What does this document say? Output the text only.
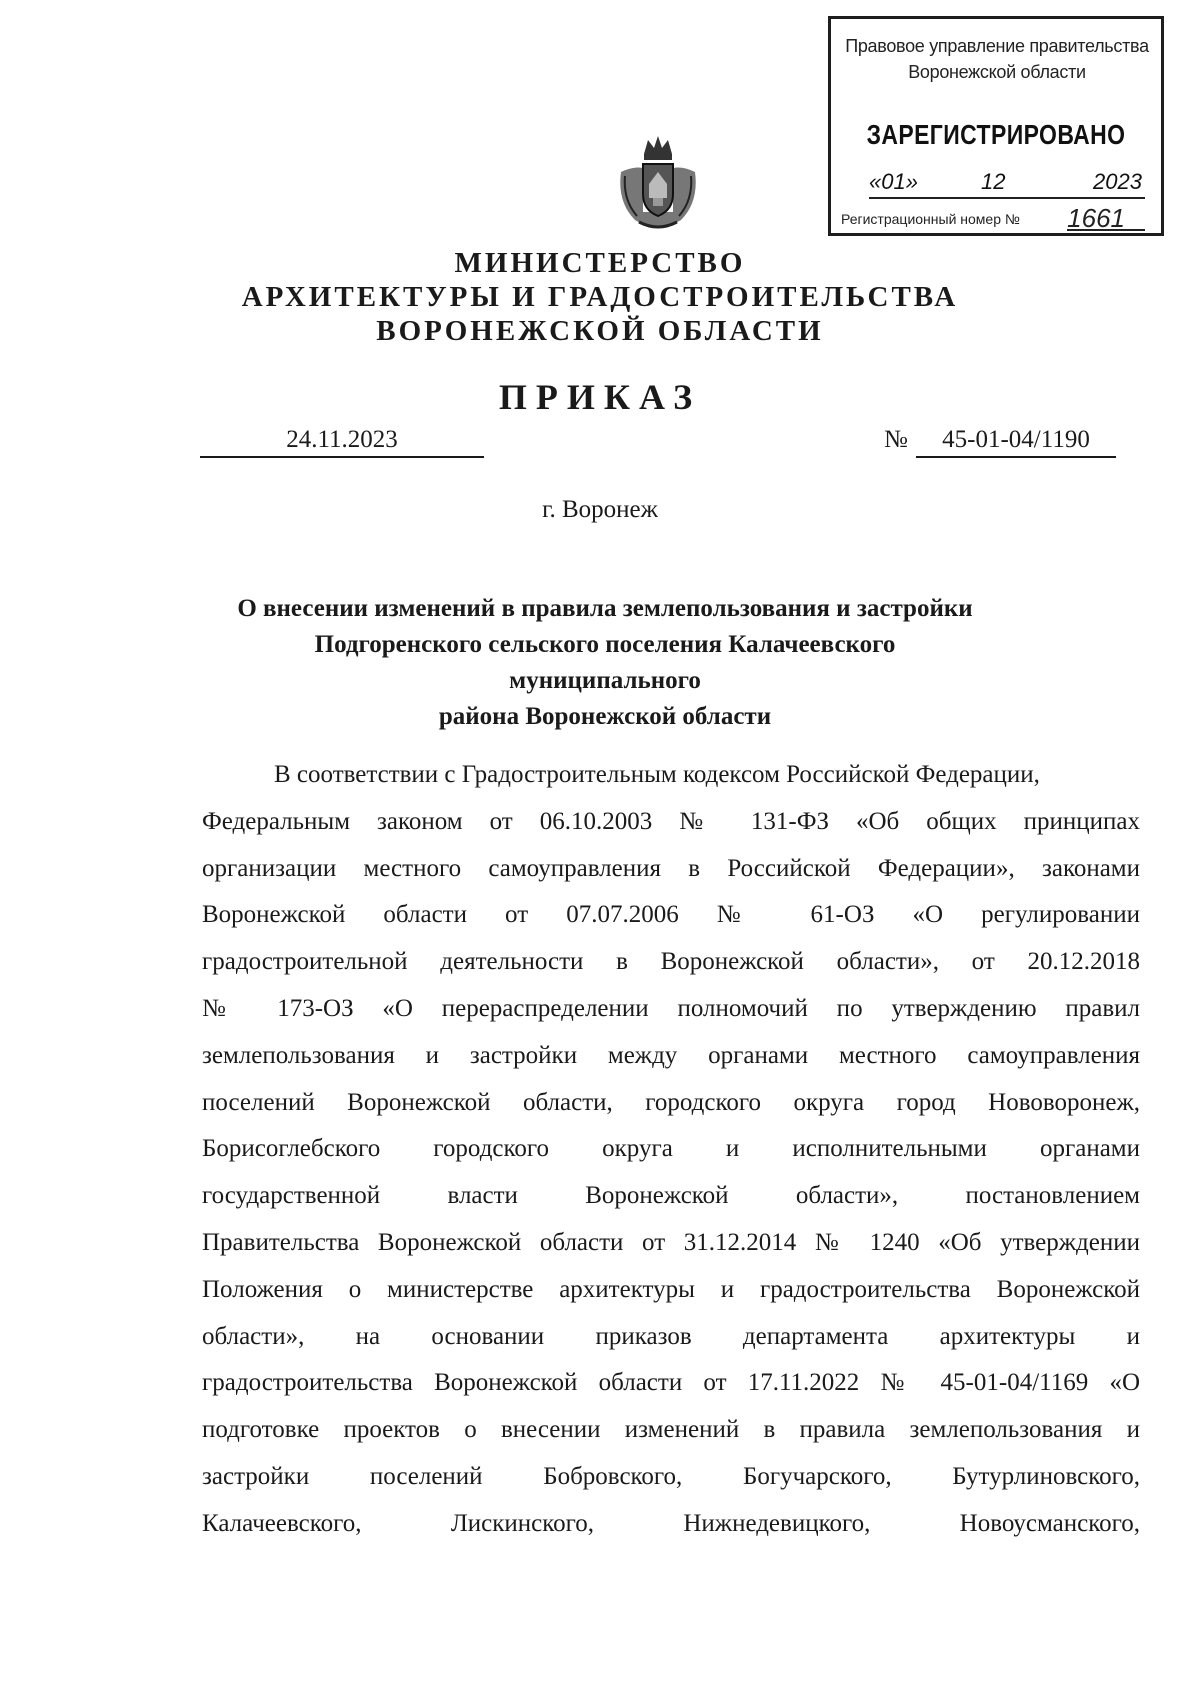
Правовое управление правительства
Воронежской области
ЗАРЕГИСТРИРОВАНО
«01»	12	2023
Регистрационный номер № 1661
МИНИСТЕРСТВО
АРХИТЕКТУРЫ И ГРАДОСТРОИТЕЛЬСТВА
ВОРОНЕЖСКОЙ ОБЛАСТИ
ПРИКАЗ
24.11.2023	№	45-01-04/1190
г. Воронеж
О внесении изменений в правила землепользования и застройки
Подгоренского сельского поселения Калачеевского муниципального
района Воронежской области
В соответствии с Градостроительным кодексом Российской Федерации,
Федеральным законом от 06.10.2003 № 131-ФЗ «Об общих принципах
организации местного самоуправления в Российской Федерации», законами
Воронежской области от 07.07.2006 № 61-ОЗ «О регулировании
градостроительной деятельности в Воронежской области», от 20.12.2018
№ 173-ОЗ «О перераспределении полномочий по утверждению правил
землепользования и застройки между органами местного самоуправления
поселений Воронежской области, городского округа город Нововоронеж,
Борисоглебского городского округа и исполнительными органами
государственной власти Воронежской области», постановлением
Правительства Воронежской области от 31.12.2014 № 1240 «Об утверждении
Положения о министерстве архитектуры и градостроительства Воронежской
области», на основании приказов департамента архитектуры и
градостроительства Воронежской области от 17.11.2022 № 45-01-04/1169 «О
подготовке проектов о внесении изменений в правила землепользования и
застройки поселений Бобровского, Богучарского, Бутурлиновского,
Калачеевского, Лискинского, Нижнедевицкого, Новоусманского,
